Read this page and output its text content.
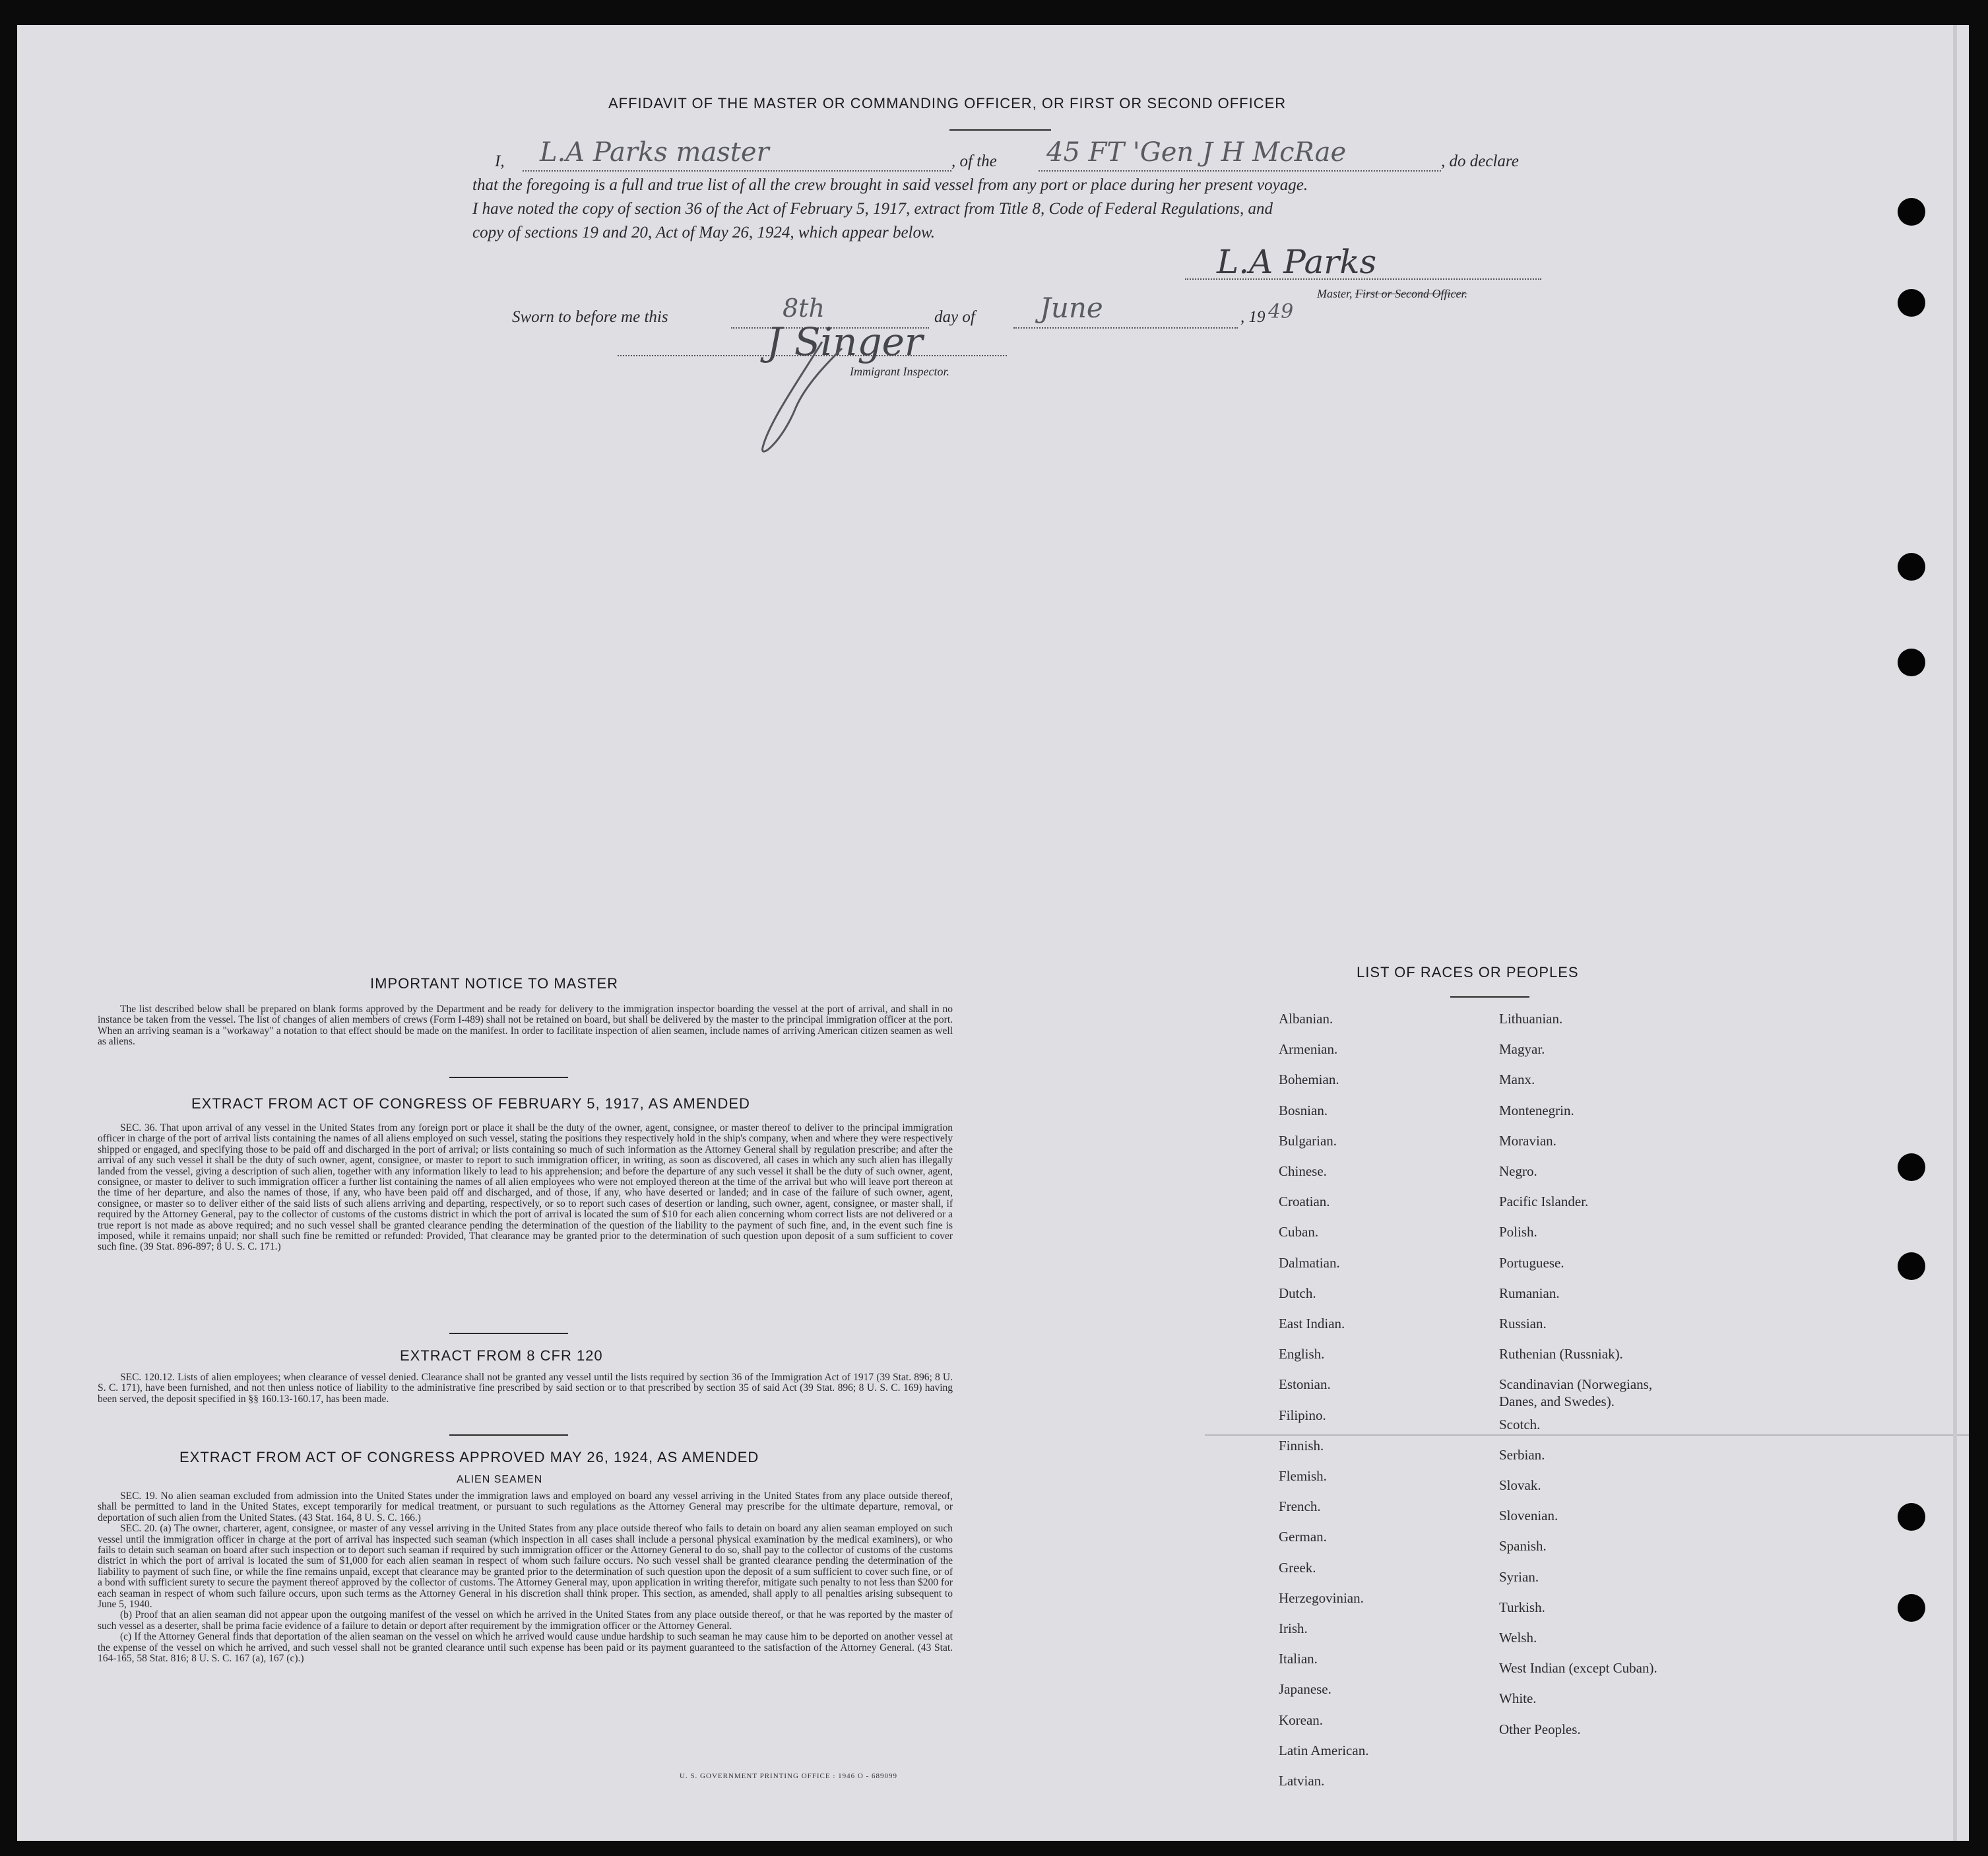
AFFIDAVIT OF THE MASTER OR COMMANDING OFFICER, OR FIRST OR SECOND OFFICER
I, L.A Parks master	, of the 45 FT 'Gen J H McRae	, do declare
that the foregoing is a full and true list of all the crew brought in said vessel from any port or place during her present voyage.
I have noted the copy of section 36 of the Act of February 5, 1917, extract from Title 8, Code of Federal Regulations, and
copy of sections 19 and 20, Act of May 26, 1924, which appear below.
L.A Parks
Master, First or Second Officer.
Sworn to before me this	8th	day of June	, 19 49
J Singer
Immigrant Inspector.
IMPORTANT NOTICE TO MASTER

The list described below shall be prepared on blank forms approved by the Department and be ready for delivery to the immigration inspector boarding the vessel at the port of arrival, and shall in no instance be taken from the vessel. The list of changes of alien members of crews (Form I-489) shall not be retained on board, but shall be delivered by the master to the principal immigration officer at the port. When an arriving seaman is a "workaway" a notation to that effect should be made on the manifest. In order to facilitate inspection of alien seamen, include names of arriving American citizen seamen as well as aliens.

EXTRACT FROM ACT OF CONGRESS OF FEBRUARY 5, 1917, AS AMENDED

SEC. 36. That upon arrival of any vessel in the United States from any foreign port or place it shall be the duty of the owner, agent, consignee, or master thereof to deliver to the principal immigration officer in charge of the port of arrival lists containing the names of all aliens employed on such vessel, stating the positions they respectively hold in the ship's company, when and where they were respectively shipped or engaged, and specifying those to be paid off and discharged in the port of arrival; or lists containing so much of such information as the Attorney General shall by regulation prescribe; and after the arrival of any such vessel it shall be the duty of such owner, agent, consignee, or master to report to such immigration officer, in writing, as soon as discovered, all cases in which any such alien has illegally landed from the vessel, giving a description of such alien, together with any information likely to lead to his apprehension; and before the departure of any such vessel it shall be the duty of such owner, agent, consignee, or master to deliver to such immigration officer a further list containing the names of all alien employees who were not employed thereon at the time of the arrival but who will leave port thereon at the time of her departure, and also the names of those, if any, who have been paid off and discharged, and of those, if any, who have deserted or landed; and in case of the failure of such owner, agent, consignee, or master so to deliver either of the said lists of such aliens arriving and departing, respectively, or so to report such cases of desertion or landing, such owner, agent, consignee, or master shall, if required by the Attorney General, pay to the collector of customs of the customs district in which the port of arrival is located the sum of $10 for each alien concerning whom correct lists are not delivered or a true report is not made as above required; and no such vessel shall be granted clearance pending the determination of the question of the liability to the payment of such fine, and, in the event such fine is imposed, while it remains unpaid; nor shall such fine be remitted or refunded: Provided, That clearance may be granted prior to the determination of such question upon deposit of a sum sufficient to cover such fine. (39 Stat. 896-897; 8 U. S. C. 171.)

EXTRACT FROM 8 CFR 120

SEC. 120.12. Lists of alien employees; when clearance of vessel denied. Clearance shall not be granted any vessel until the lists required by section 36 of the Immigration Act of 1917 (39 Stat. 896; 8 U. S. C. 171), have been furnished, and not then unless notice of liability to the administrative fine prescribed by said section or to that prescribed by section 35 of said Act (39 Stat. 896; 8 U. S. C. 169) having been served, the deposit specified in §§ 160.13-160.17, has been made.

EXTRACT FROM ACT OF CONGRESS APPROVED MAY 26, 1924, AS AMENDED
ALIEN SEAMEN

SEC. 19. No alien seaman excluded from admission into the United States under the immigration laws and employed on board any vessel arriving in the United States from any place outside thereof, shall be permitted to land in the United States, except temporarily for medical treatment, or pursuant to such regulations as the Attorney General may prescribe for the ultimate departure, removal, or deportation of such alien from the United States. (43 Stat. 164, 8 U. S. C. 166.)

SEC. 20. (a) The owner, charterer, agent, consignee, or master of any vessel arriving in the United States from any place outside thereof who fails to detain on board any alien seaman employed on such vessel until the immigration officer in charge at the port of arrival has inspected such seaman (which inspection in all cases shall include a personal physical examination by the medical examiners), or who fails to detain such seaman on board after such inspection or to deport such seaman if required by such immigration officer or the Attorney General to do so, shall pay to the collector of customs of the customs district in which the port of arrival is located the sum of $1,000 for each alien seaman in respect of whom such failure occurs. No such vessel shall be granted clearance pending the determination of the liability to payment of such fine, or while the fine remains unpaid, except that clearance may be granted prior to the determination of such question upon the deposit of a sum sufficient to cover such fine, or of a bond with sufficient surety to secure the payment thereof approved by the collector of customs. The Attorney General may, upon application in writing therefor, mitigate such penalty to not less than $200 for each seaman in respect of whom such failure occurs, upon such terms as the Attorney General in his discretion shall think proper. This section, as amended, shall apply to all penalties arising subsequent to June 5, 1940.

(b) Proof that an alien seaman did not appear upon the outgoing manifest of the vessel on which he arrived in the United States from any place outside thereof, or that he was reported by the master of such vessel as a deserter, shall be prima facie evidence of a failure to detain or deport after requirement by the immigration officer or the Attorney General.

(c) If the Attorney General finds that deportation of the alien seaman on the vessel on which he arrived would cause undue hardship to such seaman he may cause him to be deported on another vessel at the expense of the vessel on which he arrived, and such vessel shall not be granted clearance until such expense has been paid or its payment guaranteed to the satisfaction of the Attorney General. (43 Stat. 164-165, 58 Stat. 816; 8 U. S. C. 167 (a), 167 (c).)

U. S. GOVERNMENT PRINTING OFFICE : 1946 O - 689099
LIST OF RACES OR PEOPLES
Albanian.
Armenian.
Bohemian.
Bosnian.
Bulgarian.
Chinese.
Croatian.
Cuban.
Dalmatian.
Dutch.
East Indian.
English.
Estonian.
Filipino.
Finnish.
Flemish.
French.
German.
Greek.
Herzegovinian.
Irish.
Italian.
Japanese.
Korean.
Latin American.
Latvian.
Lithuanian.
Magyar.
Manx.
Montenegrin.
Moravian.
Negro.
Pacific Islander.
Polish.
Portuguese.
Rumanian.
Russian.
Ruthenian (Russniak).
Scandinavian (Norwegians,
Danes, and Swedes).
Scotch.
Serbian.
Slovak.
Slovenian.
Spanish.
Syrian.
Turkish.
Welsh.
West Indian (except Cuban).
White.
Other Peoples.
